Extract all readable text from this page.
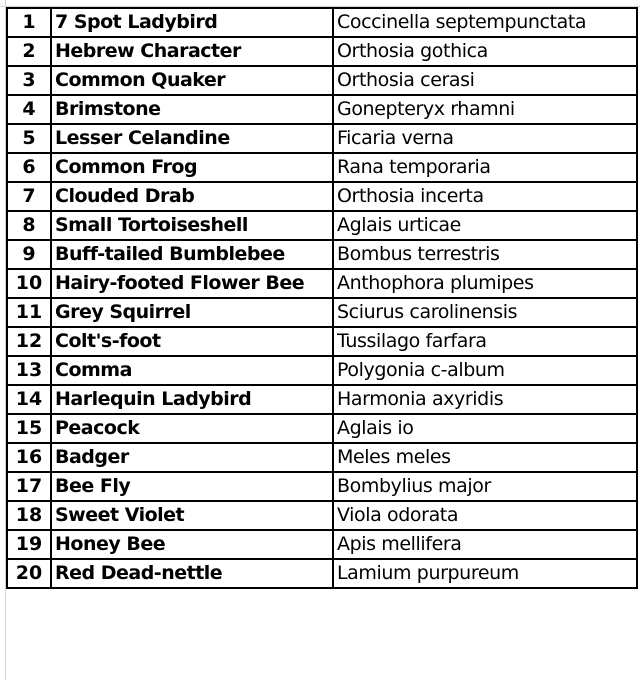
1	7 Spot Ladybird	Coccinella septempunctata
2	Hebrew Character	Orthosia gothica
3	Common Quaker	Orthosia cerasi
4	Brimstone	Gonepteryx rhamni
5	Lesser Celandine	Ficaria verna
6	Common Frog	Rana temporaria
7	Clouded Drab	Orthosia incerta
8	Small Tortoiseshell	Aglais urticae
9	Buff-tailed Bumblebee	Bombus terrestris
10	Hairy-footed Flower Bee	Anthophora plumipes
11	Grey Squirrel	Sciurus carolinensis
12	Colt's-foot	Tussilago farfara
13	Comma	Polygonia c-album
14	Harlequin Ladybird	Harmonia axyridis
15	Peacock	Aglais io
16	Badger	Meles meles
17	Bee Fly	Bombylius major
18	Sweet Violet	Viola odorata
19	Honey Bee	Apis mellifera
20	Red Dead-nettle	Lamium purpureum
